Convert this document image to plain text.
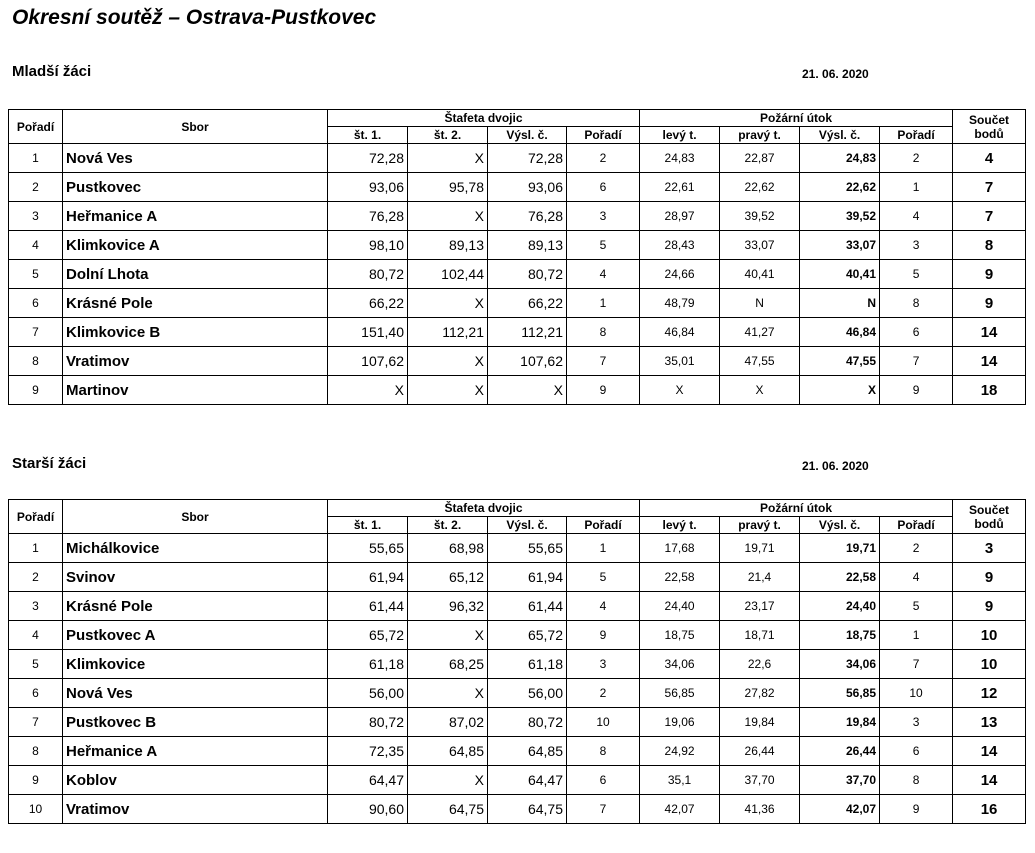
Okresní soutěž – Ostrava-Pustkovec
Mladší žáci	21. 06. 2020
Pořadí	Sbor	Štafeta dvojic				Požární útok				Součet
bodů
		št. 1.	št. 2.	Výsl. č.	Pořadí	levý t.	pravý t.	Výsl. č.	Pořadí	
1	Nová Ves	72,28	X	72,28	2	24,83	22,87	24,83	2	4
2	Pustkovec	93,06	95,78	93,06	6	22,61	22,62	22,62	1	7
3	Heřmanice A	76,28	X	76,28	3	28,97	39,52	39,52	4	7
4	Klimkovice A	98,10	89,13	89,13	5	28,43	33,07	33,07	3	8
5	Dolní Lhota	80,72	102,44	80,72	4	24,66	40,41	40,41	5	9
6	Krásné Pole	66,22	X	66,22	1	48,79	N	N	8	9
7	Klimkovice B	151,40	112,21	112,21	8	46,84	41,27	46,84	6	14
8	Vratimov	107,62	X	107,62	7	35,01	47,55	47,55	7	14
9	Martinov	X	X	X	9	X	X	X	9	18
Starší žáci	21. 06. 2020
Pořadí	Sbor	Štafeta dvojic				Požární útok				Součet
bodů
		št. 1.	št. 2.	Výsl. č.	Pořadí	levý t.	pravý t.	Výsl. č.	Pořadí	
1	Michálkovice	55,65	68,98	55,65	1	17,68	19,71	19,71	2	3
2	Svinov	61,94	65,12	61,94	5	22,58	21,4	22,58	4	9
3	Krásné Pole	61,44	96,32	61,44	4	24,40	23,17	24,40	5	9
4	Pustkovec A	65,72	X	65,72	9	18,75	18,71	18,75	1	10
5	Klimkovice	61,18	68,25	61,18	3	34,06	22,6	34,06	7	10
6	Nová Ves	56,00	X	56,00	2	56,85	27,82	56,85	10	12
7	Pustkovec B	80,72	87,02	80,72	10	19,06	19,84	19,84	3	13
8	Heřmanice A	72,35	64,85	64,85	8	24,92	26,44	26,44	6	14
9	Koblov	64,47	X	64,47	6	35,1	37,70	37,70	8	14
10	Vratimov	90,60	64,75	64,75	7	42,07	41,36	42,07	9	16
